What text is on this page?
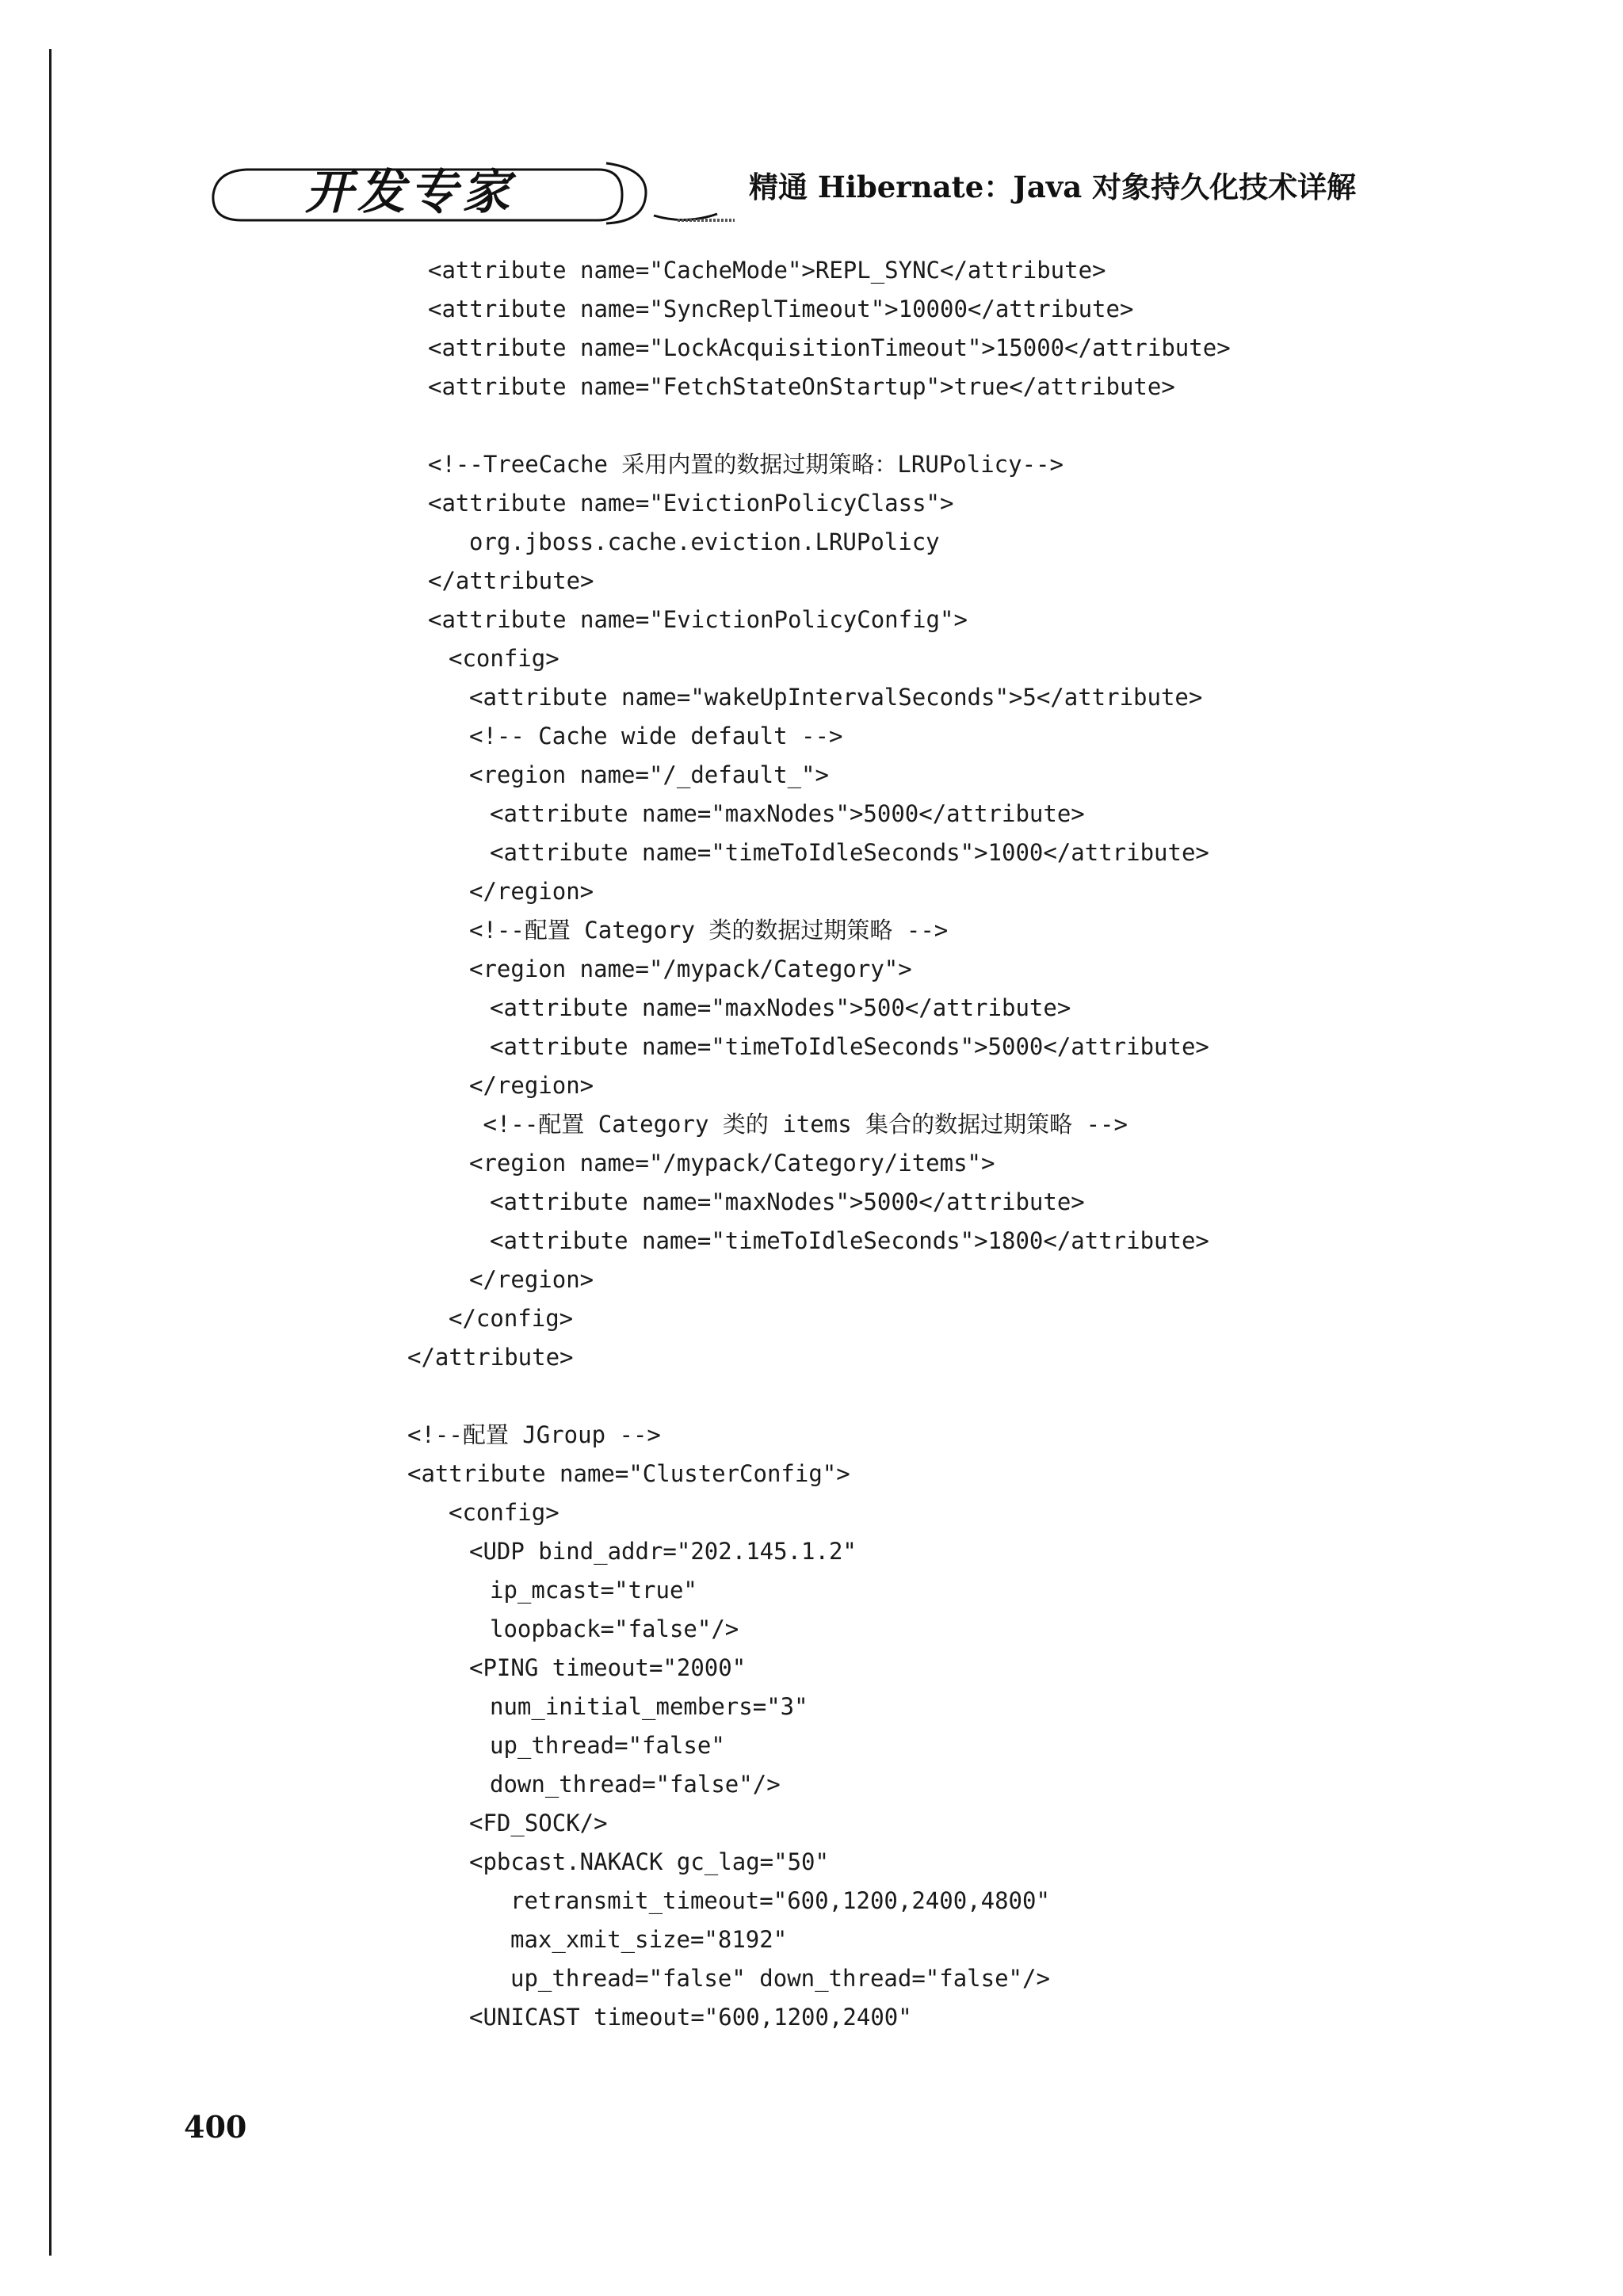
开发专家	精通 Hibernate：Java 对象持久化技术详解
<attribute name="CacheMode">REPL_SYNC</attribute>
<attribute name="SyncReplTimeout">10000</attribute>
<attribute name="LockAcquisitionTimeout">15000</attribute>
<attribute name="FetchStateOnStartup">true</attribute>
<!--TreeCache 采用内置的数据过期策略：LRUPolicy-->
<attribute name="EvictionPolicyClass">
org.jboss.cache.eviction.LRUPolicy
</attribute>
<attribute name="EvictionPolicyConfig">
<config>
<attribute name="wakeUpIntervalSeconds">5</attribute>
<!-- Cache wide default -->
<region name="/_default_">
<attribute name="maxNodes">5000</attribute>
<attribute name="timeToIdleSeconds">1000</attribute>
</region>
<!--配置 Category 类的数据过期策略 -->
<region name="/mypack/Category">
<attribute name="maxNodes">500</attribute>
<attribute name="timeToIdleSeconds">5000</attribute>
</region>
<!--配置 Category 类的 items 集合的数据过期策略 -->
<region name="/mypack/Category/items">
<attribute name="maxNodes">5000</attribute>
<attribute name="timeToIdleSeconds">1800</attribute>
</region>
</config>
</attribute>
<!--配置 JGroup -->
<attribute name="ClusterConfig">
<config>
<UDP bind_addr="202.145.1.2"
ip_mcast="true"
loopback="false"/>
<PING timeout="2000"
num_initial_members="3"
up_thread="false"
down_thread="false"/>
<FD_SOCK/>
<pbcast.NAKACK gc_lag="50"
retransmit_timeout="600,1200,2400,4800"
max_xmit_size="8192"
up_thread="false" down_thread="false"/>
<UNICAST timeout="600,1200,2400"
400
